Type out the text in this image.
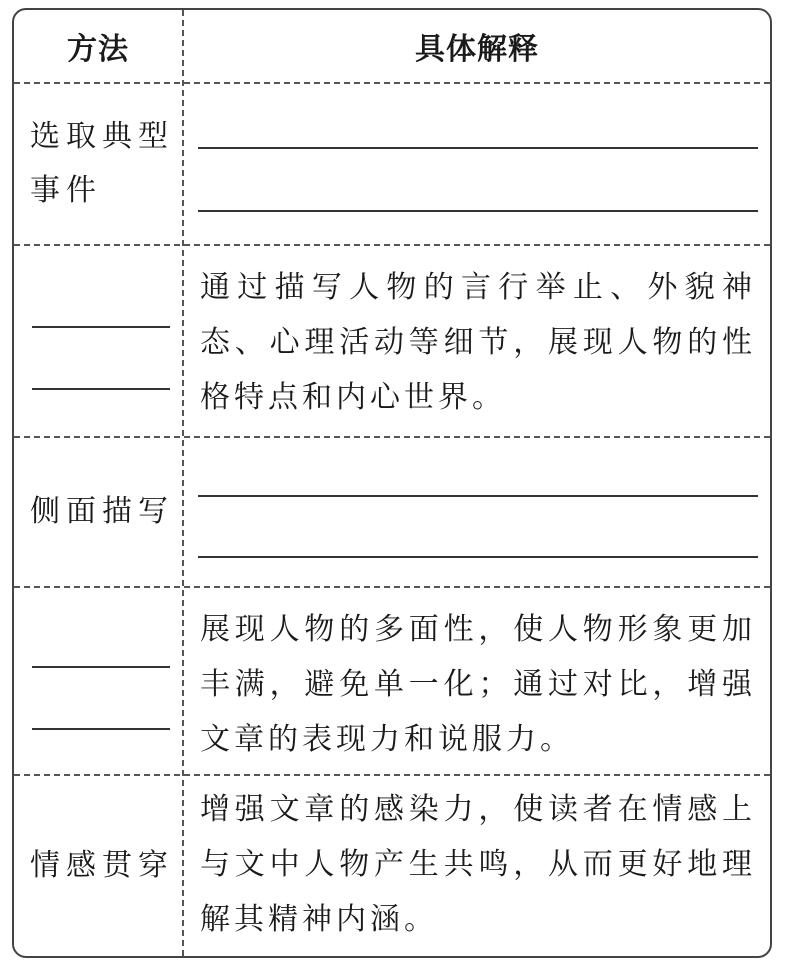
方法	具体解释
选取典型事件
通过描写人物的言行举止、外貌神态、心理活动等细节，展现人物的性格特点和内心世界。
侧面描写
展现人物的多面性，使人物形象更加丰满，避免单一化；通过对比，增强文章的表现力和说服力。
情感贯穿
增强文章的感染力，使读者在情感上与文中人物产生共鸣，从而更好地理解其精神内涵。
